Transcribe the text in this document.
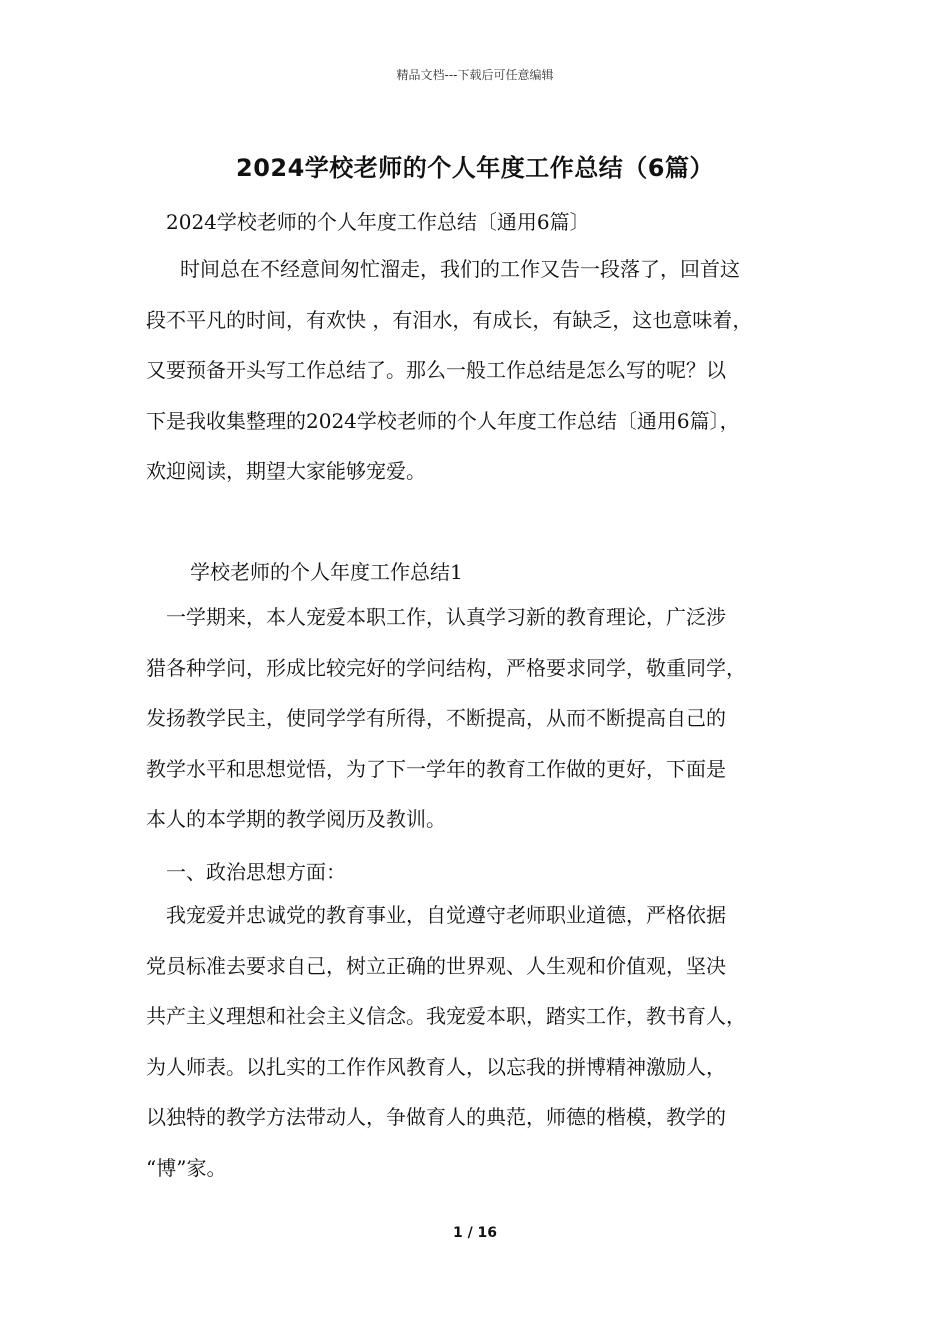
精品文档---下载后可任意编辑
2024学校老师的个人年度工作总结（6篇）
2024学校老师的个人年度工作总结〔通用6篇〕
　时间总在不经意间匆忙溜走，我们的工作又告一段落了，回首这
段不平凡的时间，有欢快 ，有泪水，有成长，有缺乏，这也意味着，
又要预备开头写工作总结了。那么一般工作总结是怎么写的呢？以
下是我收集整理的2024学校老师的个人年度工作总结〔通用6篇〕，
欢迎阅读，期望大家能够宠爱。
学校老师的个人年度工作总结1
一学期来，本人宠爱本职工作，认真学习新的教育理论，广泛涉
猎各种学问，形成比较完好的学问结构，严格要求同学，敬重同学，
发扬教学民主，使同学学有所得，不断提高，从而不断提高自己的
教学水平和思想觉悟，为了下一学年的教育工作做的更好，下面是
本人的本学期的教学阅历及教训。
一、政治思想方面：
我宠爱并忠诚党的教育事业，自觉遵守老师职业道德，严格依据
党员标准去要求自己，树立正确的世界观、人生观和价值观，坚决
共产主义理想和社会主义信念。我宠爱本职，踏实工作，教书育人，
为人师表。以扎实的工作作风教育人，以忘我的拼博精神激励人，
以独特的教学方法带动人，争做育人的典范，师德的楷模，教学的
“博”家。
1 / 16
